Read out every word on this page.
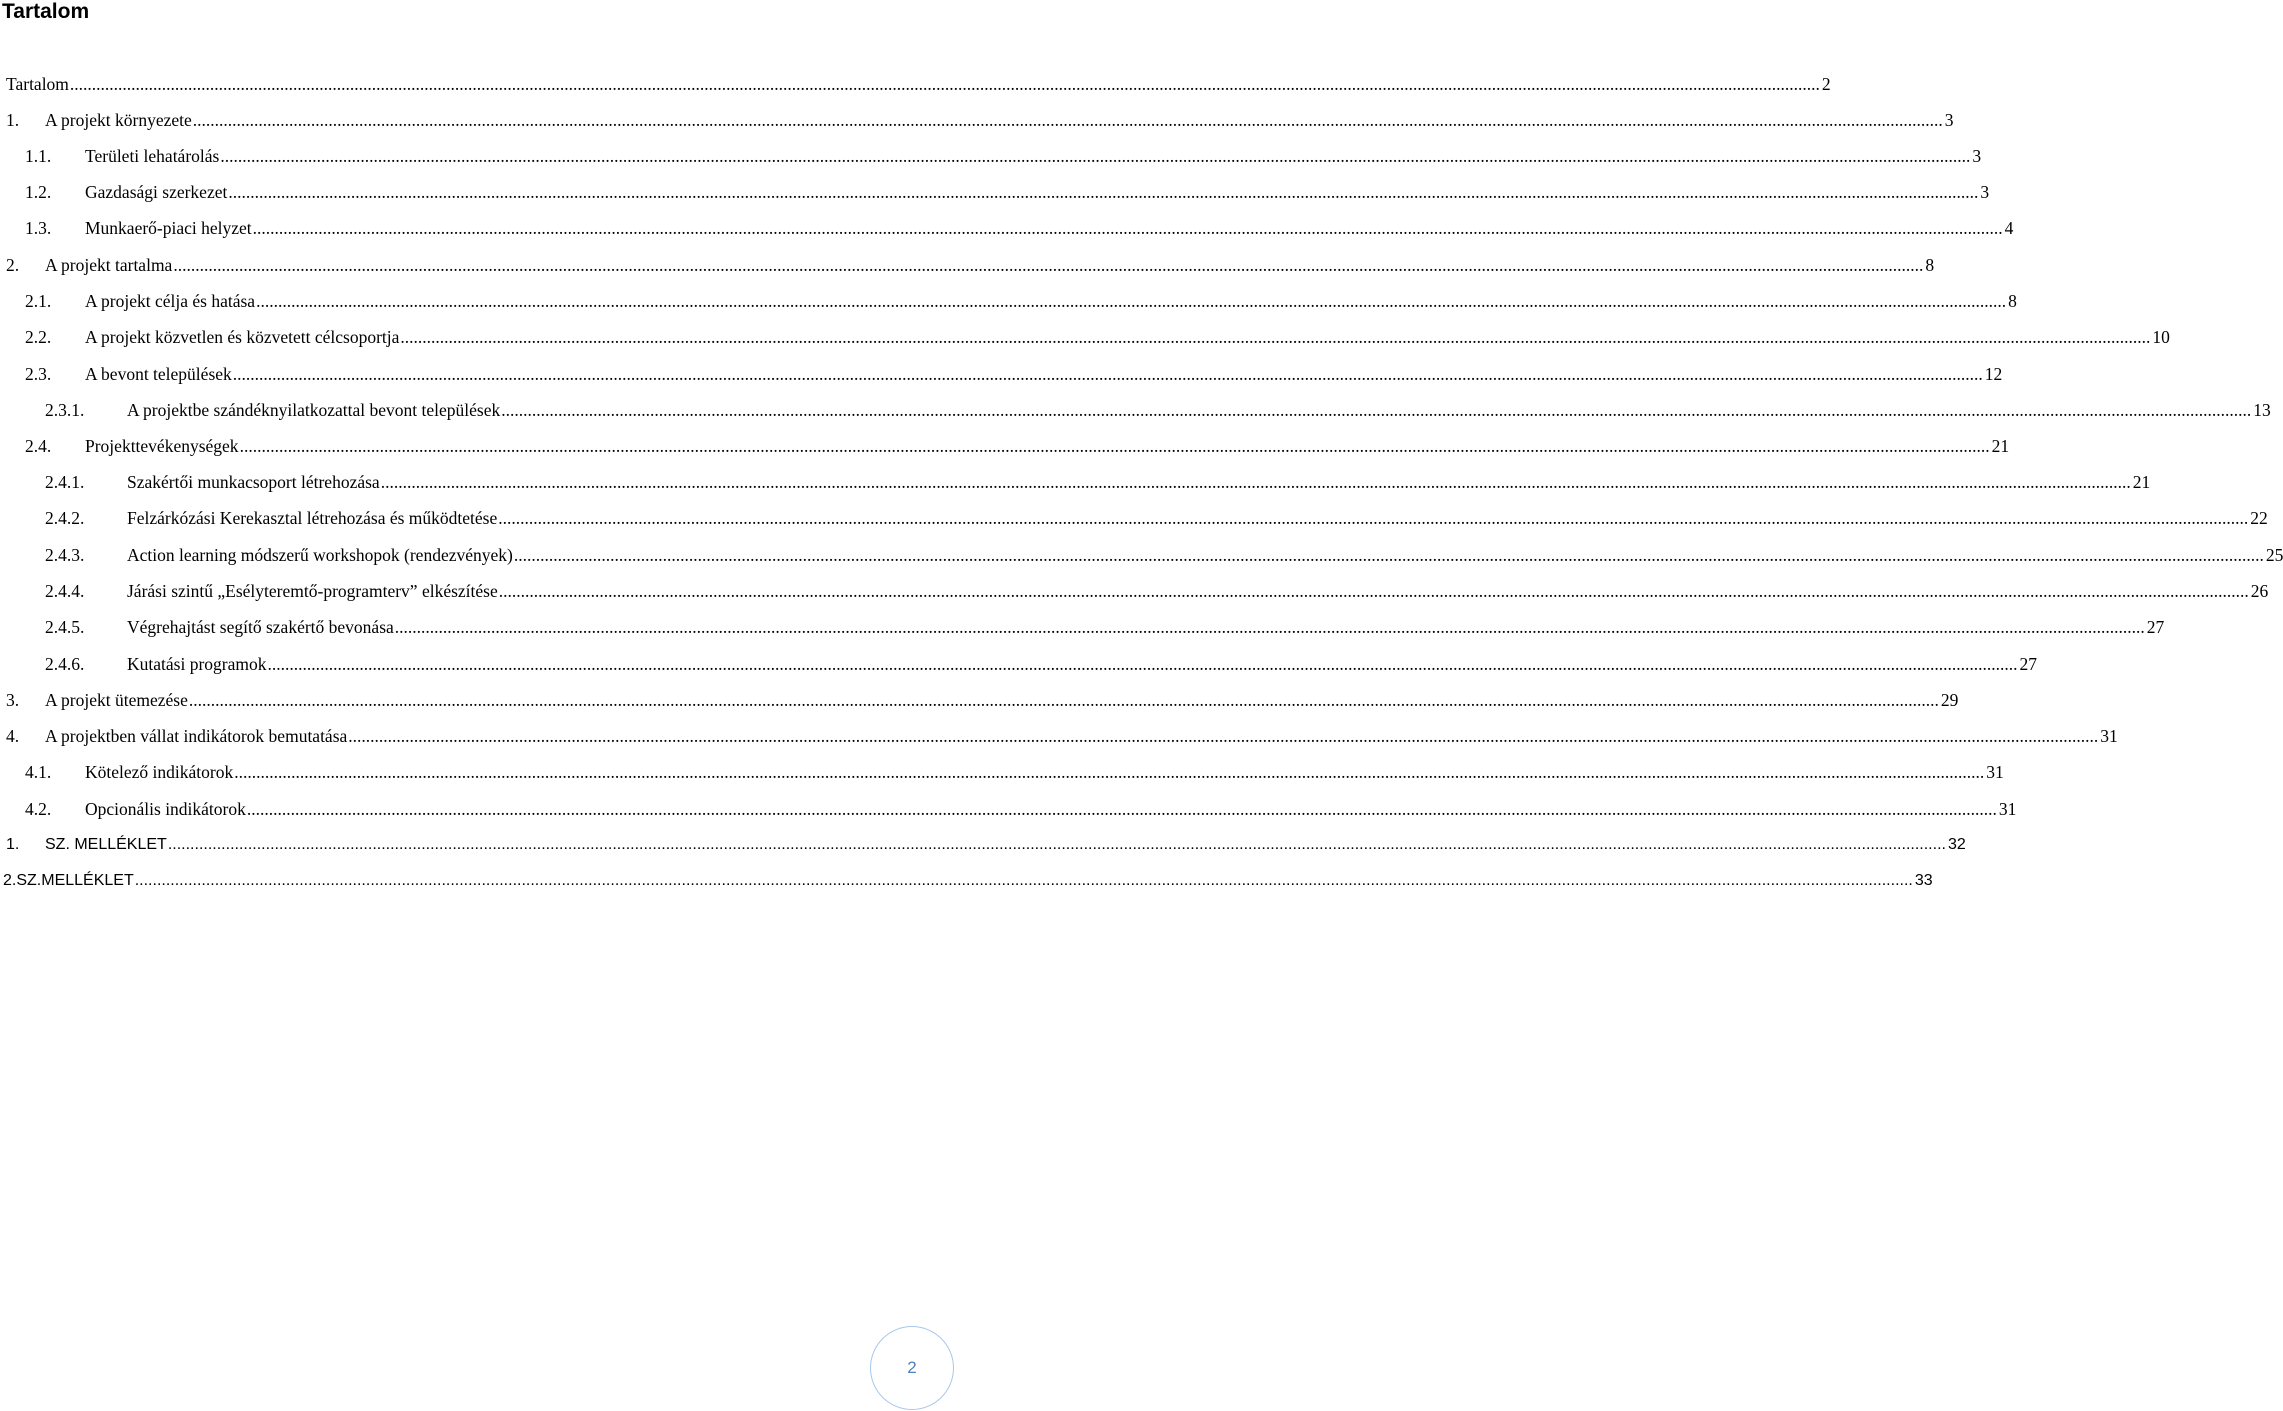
Tartalom
Tartalom ................................................................................................................................................................................................................................................................................................................................................................................................................ 2
1.	A projekt környezete ................................................................................................................................................................................................................................................................................................................................................................................................................ 3
1.1.	Területi lehatárolás ................................................................................................................................................................................................................................................................................................................................................................................................................ 3
1.2.	Gazdasági szerkezet ................................................................................................................................................................................................................................................................................................................................................................................................................ 3
1.3.	Munkaerő-piaci helyzet ................................................................................................................................................................................................................................................................................................................................................................................................................ 4
2.	A projekt tartalma ................................................................................................................................................................................................................................................................................................................................................................................................................ 8
2.1.	A projekt célja és hatása ................................................................................................................................................................................................................................................................................................................................................................................................................ 8
2.2.	A projekt közvetlen és közvetett célcsoportja ................................................................................................................................................................................................................................................................................................................................................................................................................ 10
2.3.	A bevont települések ................................................................................................................................................................................................................................................................................................................................................................................................................ 12
2.3.1.	A projektbe szándéknyilatkozattal bevont települések ................................................................................................................................................................................................................................................................................................................................................................................................................ 13
2.4.	Projekttevékenységek ................................................................................................................................................................................................................................................................................................................................................................................................................ 21
2.4.1.	Szakértői munkacsoport létrehozása ................................................................................................................................................................................................................................................................................................................................................................................................................ 21
2.4.2.	Felzárkózási Kerekasztal létrehozása és működtetése ................................................................................................................................................................................................................................................................................................................................................................................................................ 22
2.4.3.	Action learning módszerű workshopok (rendezvények) ................................................................................................................................................................................................................................................................................................................................................................................................................ 25
2.4.4.	Járási szintű „Esélyteremtő-programterv” elkészítése ................................................................................................................................................................................................................................................................................................................................................................................................................ 26
2.4.5.	Végrehajtást segítő szakértő bevonása ................................................................................................................................................................................................................................................................................................................................................................................................................ 27
2.4.6.	Kutatási programok ................................................................................................................................................................................................................................................................................................................................................................................................................ 27
3.	A projekt ütemezése ................................................................................................................................................................................................................................................................................................................................................................................................................ 29
4.	A projektben vállat indikátorok bemutatása ................................................................................................................................................................................................................................................................................................................................................................................................................ 31
4.1.	Kötelező indikátorok ................................................................................................................................................................................................................................................................................................................................................................................................................ 31
4.2.	Opcionális indikátorok ................................................................................................................................................................................................................................................................................................................................................................................................................ 31
1.	SZ. MELLÉKLET ................................................................................................................................................................................................................................................................................................................................................................................................................ 32
2.SZ.MELLÉKLET ................................................................................................................................................................................................................................................................................................................................................................................................................ 33
2
